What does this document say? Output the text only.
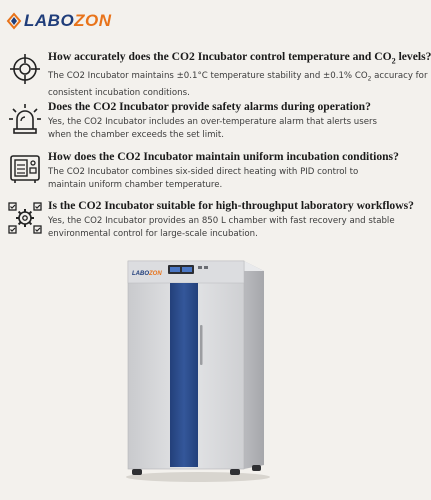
LABOZON
How accurately does the CO2 Incubator control temperature and $CO_2$ levels?
The CO2 Incubator maintains ±0.1°C temperature stability and ±0.1% $CO_2$ accuracy for consistent incubation conditions.
Does the CO2 Incubator provide safety alarms during operation?
Yes, the CO2 Incubator includes an over-temperature alarm that alerts users when the chamber exceeds the set limit.
How does the CO2 Incubator maintain uniform incubation conditions?
The CO2 Incubator combines six-sided direct heating with PID control to maintain uniform chamber temperature.
Is the CO2 Incubator suitable for high-throughput laboratory workflows?
Yes, the CO2 Incubator provides an 850 L chamber with fast recovery and stable environmental control for large-scale incubation.
LABOZON
